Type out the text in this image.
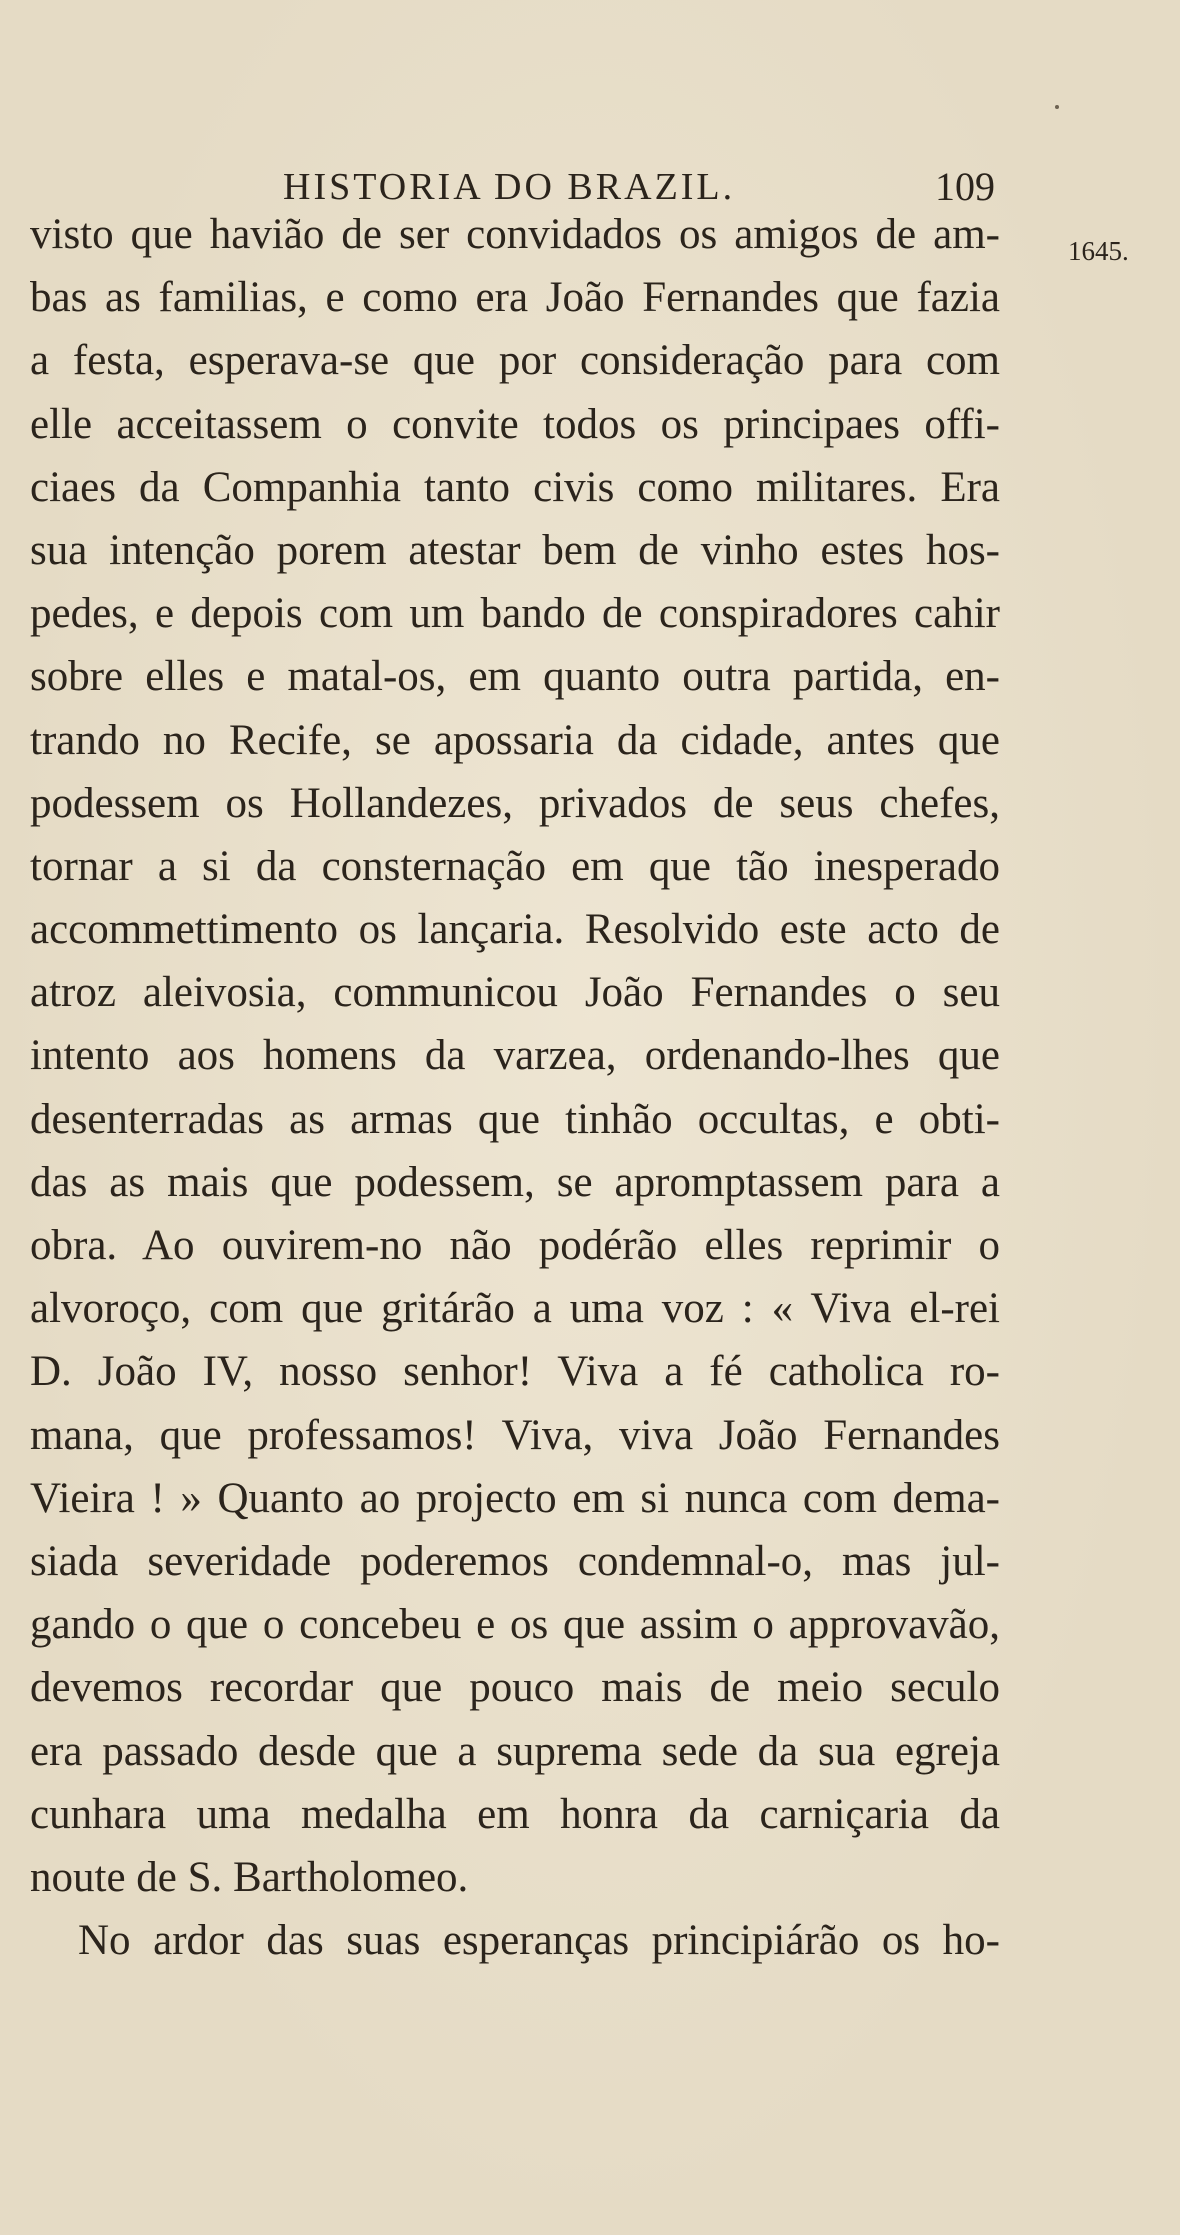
HISTORIA DO BRAZIL.	109
1645.
visto que havião de ser convidados os amigos de am-
bas as familias, e como era João Fernandes que fazia
a festa, esperava-se que por consideração para com
elle acceitassem o convite todos os principaes offi-
ciaes da Companhia tanto civis como militares. Era
sua intenção porem atestar bem de vinho estes hos-
pedes, e depois com um bando de conspiradores cahir
sobre elles e matal-os, em quanto outra partida, en-
trando no Recife, se apossaria da cidade, antes que
podessem os Hollandezes, privados de seus chefes,
tornar a si da consternação em que tão inesperado
accommettimento os lançaria. Resolvido este acto de
atroz aleivosia, communicou João Fernandes o seu
intento aos homens da varzea, ordenando-lhes que
desenterradas as armas que tinhão occultas, e obti-
das as mais que podessem, se apromptassem para a
obra. Ao ouvirem-no não podérão elles reprimir o
alvoroço, com que gritárão a uma voz : « Viva el-rei
D. João IV, nosso senhor! Viva a fé catholica ro-
mana, que professamos! Viva, viva João Fernandes
Vieira ! » Quanto ao projecto em si nunca com dema-
siada severidade poderemos condemnal-o, mas jul-
gando o que o concebeu e os que assim o approvavão,
devemos recordar que pouco mais de meio seculo
era passado desde que a suprema sede da sua egreja
cunhara uma medalha em honra da carniçaria da
noute de S. Bartholomeo.
No ardor das suas esperanças principiárão os ho-
